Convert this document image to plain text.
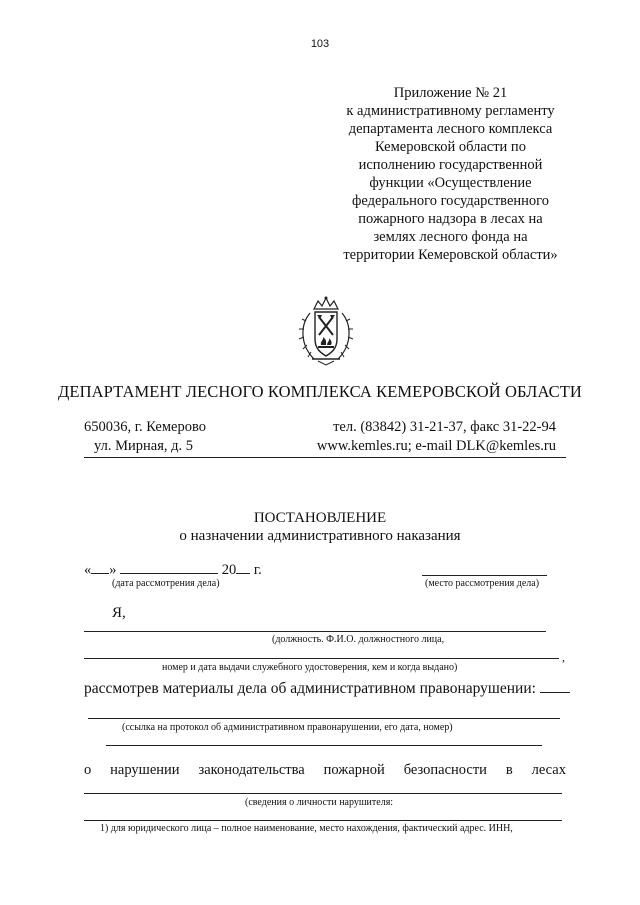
103
Приложение № 21
к административному регламенту
департамента лесного комплекса
Кемеровской области по
исполнению государственной
функции «Осуществление
федерального государственного
пожарного надзора в лесах на
землях лесного фонда на
территории Кемеровской области»
ДЕПАРТАМЕНТ ЛЕСНОГО КОМПЛЕКСА КЕМЕРОВСКОЙ ОБЛАСТИ
650036, г. Кемерово
ул. Мирная, д. 5
тел. (83842) 31-21-37, факс 31-22-94
www.kemles.ru; e-mail DLK@kemles.ru
ПОСТАНОВЛЕНИЕ
о назначении административного наказания
« »	20 г.
(дата рассмотрения дела)	(место рассмотрения дела)
Я,
(должность. Ф.И.О. должностного лица,
,
номер и дата выдачи служебного удостоверения, кем и когда выдано)
рассмотрев материалы дела об административном правонарушении:
(ссылка на протокол об административном правонарушении, его дата, номер)
о нарушении законодательства пожарной безопасности в лесах
(сведения о личности нарушителя:
1) для юридического лица – полное наименование, место нахождения, фактический адрес. ИНН,
